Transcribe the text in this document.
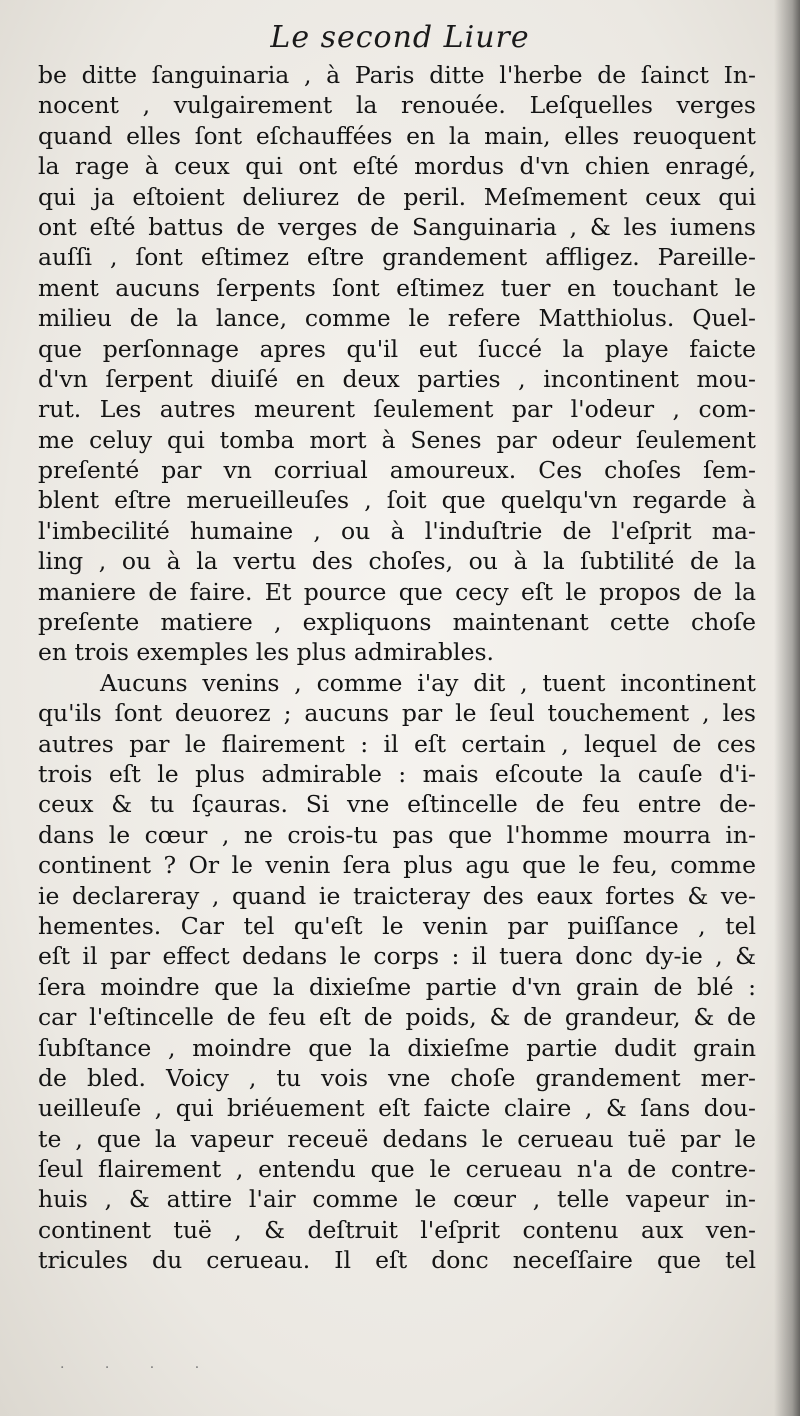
Le second Liure
be ditte ſanguinaria , à Paris ditte l'herbe de ſainct In-
nocent , vulgairement la renouée. Leſquelles verges
quand elles ſont eſchauffées en la main, elles reuoquent
la rage à ceux qui ont eſté mordus d'vn chien enragé,
qui ja eſtoient deliurez de peril. Meſmement ceux qui
ont eſté battus de verges de Sanguinaria , & les iumens
auſſi , ſont eſtimez eſtre grandement affligez. Pareille-
ment aucuns ſerpents ſont eſtimez tuer en touchant le
milieu de la lance, comme le refere Matthiolus. Quel-
que perſonnage apres qu'il eut ſuccé la playe faicte
d'vn ſerpent diuiſé en deux parties , incontinent mou-
rut. Les autres meurent ſeulement par l'odeur , com-
me celuy qui tomba mort à Senes par odeur ſeulement
preſenté par vn corriual amoureux. Ces choſes ſem-
blent eſtre merueilleuſes , ſoit que quelqu'vn regarde à
l'imbecilité humaine , ou à l'induſtrie de l'eſprit ma-
ling , ou à la vertu des choſes, ou à la ſubtilité de la
maniere de faire. Et pource que cecy eſt le propos de la
preſente matiere , expliquons maintenant cette choſe
en trois exemples les plus admirables.
Aucuns venins , comme i'ay dit , tuent incontinent
qu'ils ſont deuorez ; aucuns par le ſeul touchement , les
autres par le flairement : il eſt certain , lequel de ces
trois eſt le plus admirable : mais eſcoute la cauſe d'i-
ceux & tu ſçauras. Si vne eſtincelle de feu entre de-
dans le cœur , ne crois-tu pas que l'homme mourra in-
continent ? Or le venin ſera plus agu que le feu, comme
ie declareray , quand ie traicteray des eaux fortes & ve-
hementes. Car tel qu'eſt le venin par puiſſance , tel
eſt il par effect dedans le corps : il tuera donc dy-ie , &
ſera moindre que la dixieſme partie d'vn grain de blé :
car l'eſtincelle de feu eſt de poids, & de grandeur, & de
ſubſtance , moindre que la dixieſme partie dudit grain
de bled. Voicy , tu vois vne choſe grandement mer-
ueilleuſe , qui briéuement eſt faicte claire , & ſans dou-
te , que la vapeur receuë dedans le cerueau tuë par le
ſeul flairement , entendu que le cerueau n'a de contre-
huis , & attire l'air comme le cœur , telle vapeur in-
continent tuë , & deſtruit l'eſprit contenu aux ven-
tricules du cerueau. Il eſt donc neceſſaire que tel
· · · ·
